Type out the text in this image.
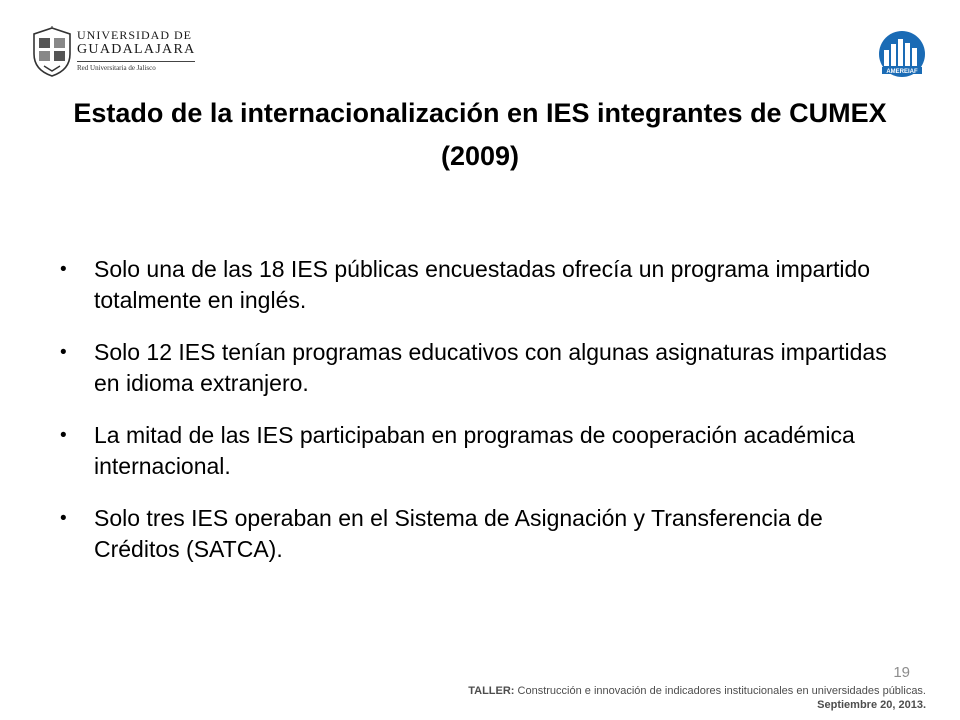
UNIVERSIDAD DE
GUADALAJARA
Red Universitaria de Jalisco	AMEREIAF
Estado de la internacionalización en IES integrantes de CUMEX (2009)
• Solo una de las 18 IES públicas encuestadas ofrecía un programa impartido totalmente en inglés.
• Solo 12 IES tenían programas educativos con algunas asignaturas impartidas en idioma extranjero.
• La mitad de las IES participaban en programas de cooperación académica internacional.
• Solo tres IES operaban en el Sistema de Asignación y Transferencia de Créditos (SATCA).
19
TALLER: Construcción e innovación de indicadores institucionales en universidades públicas.
Septiembre 20, 2013.
